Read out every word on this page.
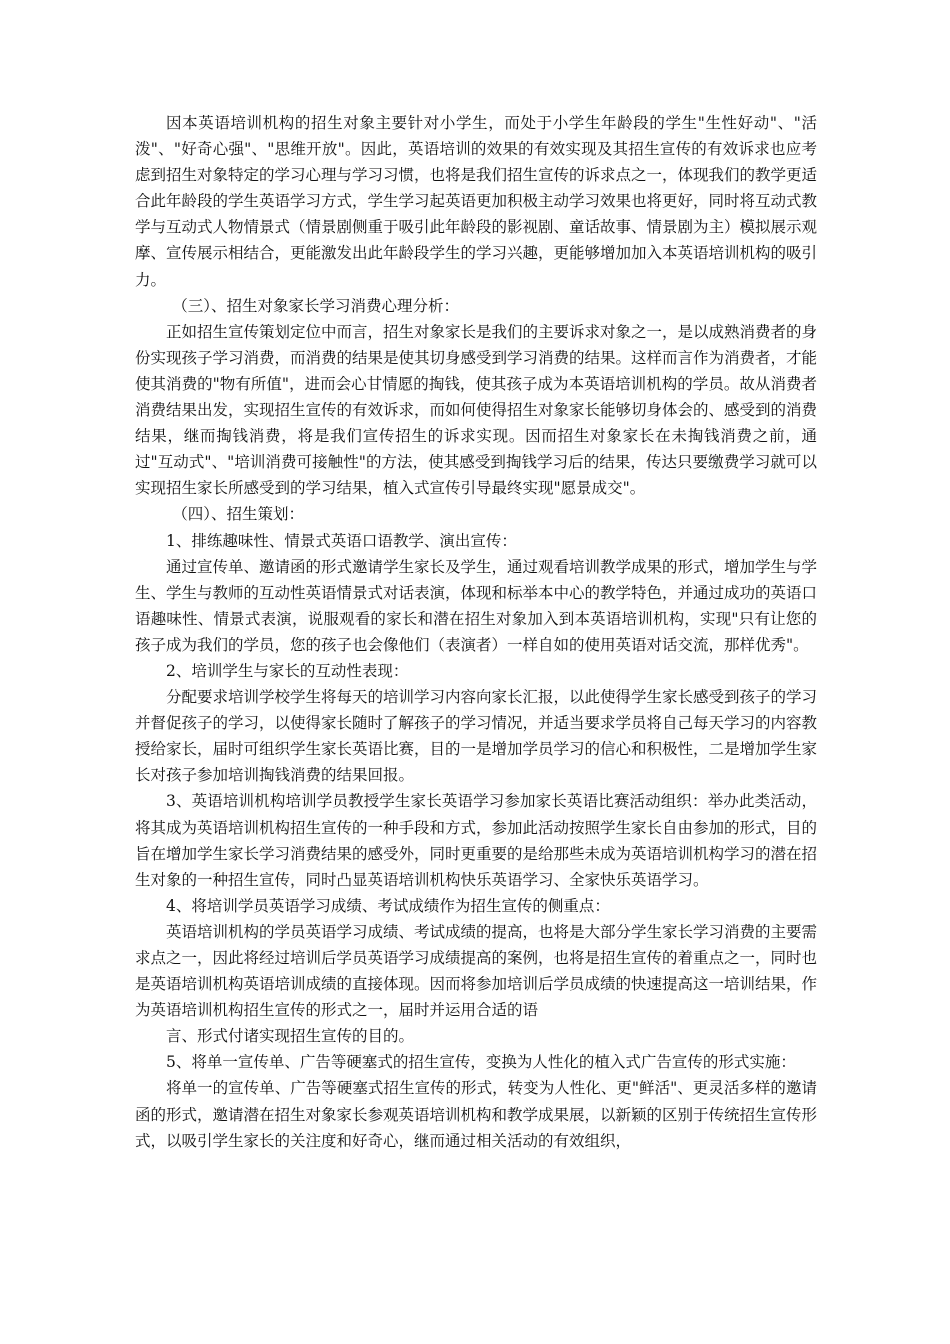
因本英语培训机构的招生对象主要针对小学生，而处于小学生年龄段的学生"生性好动"、"活泼"、"好奇心强"、"思维开放"。因此，英语培训的效果的有效实现及其招生宣传的有效诉求也应考虑到招生对象特定的学习心理与学习习惯，也将是我们招生宣传的诉求点之一，体现我们的教学更适合此年龄段的学生英语学习方式，学生学习起英语更加积极主动学习效果也将更好，同时将互动式教学与互动式人物情景式（情景剧侧重于吸引此年龄段的影视剧、童话故事、情景剧为主）模拟展示观摩、宣传展示相结合，更能激发出此年龄段学生的学习兴趣，更能够增加加入本英语培训机构的吸引力。

（三）、招生对象家长学习消费心理分析：

正如招生宣传策划定位中而言，招生对象家长是我们的主要诉求对象之一，是以成熟消费者的身份实现孩子学习消费，而消费的结果是使其切身感受到学习消费的结果。这样而言作为消费者，才能使其消费的"物有所值"，进而会心甘情愿的掏钱，使其孩子成为本英语培训机构的学员。故从消费者消费结果出发，实现招生宣传的有效诉求，而如何使得招生对象家长能够切身体会的、感受到的消费结果，继而掏钱消费，将是我们宣传招生的诉求实现。因而招生对象家长在未掏钱消费之前，通过"互动式"、"培训消费可接触性"的方法，使其感受到掏钱学习后的结果，传达只要缴费学习就可以实现招生家长所感受到的学习结果，植入式宣传引导最终实现"愿景成交"。

（四）、招生策划：

1、排练趣味性、情景式英语口语教学、演出宣传：

通过宣传单、邀请函的形式邀请学生家长及学生，通过观看培训教学成果的形式，增加学生与学生、学生与教师的互动性英语情景式对话表演，体现和标举本中心的教学特色，并通过成功的英语口语趣味性、情景式表演，说服观看的家长和潜在招生对象加入到本英语培训机构，实现"只有让您的孩子成为我们的学员，您的孩子也会像他们（表演者）一样自如的使用英语对话交流，那样优秀"。

2、培训学生与家长的互动性表现：

分配要求培训学校学生将每天的培训学习内容向家长汇报，以此使得学生家长感受到孩子的学习并督促孩子的学习，以使得家长随时了解孩子的学习情况，并适当要求学员将自己每天学习的内容教授给家长，届时可组织学生家长英语比赛，目的一是增加学员学习的信心和积极性，二是增加学生家长对孩子参加培训掏钱消费的结果回报。

3、英语培训机构培训学员教授学生家长英语学习参加家长英语比赛活动组织：举办此类活动，将其成为英语培训机构招生宣传的一种手段和方式，参加此活动按照学生家长自由参加的形式，目的旨在增加学生家长学习消费结果的感受外，同时更重要的是给那些未成为英语培训机构学习的潜在招生对象的一种招生宣传，同时凸显英语培训机构快乐英语学习、全家快乐英语学习。

4、将培训学员英语学习成绩、考试成绩作为招生宣传的侧重点：

英语培训机构的学员英语学习成绩、考试成绩的提高，也将是大部分学生家长学习消费的主要需求点之一，因此将经过培训后学员英语学习成绩提高的案例，也将是招生宣传的着重点之一，同时也是英语培训机构英语培训成绩的直接体现。因而将参加培训后学员成绩的快速提高这一培训结果，作为英语培训机构招生宣传的形式之一，届时并运用合适的语

言、形式付诸实现招生宣传的目的。

5、将单一宣传单、广告等硬塞式的招生宣传，变换为人性化的植入式广告宣传的形式实施：

将单一的宣传单、广告等硬塞式招生宣传的形式，转变为人性化、更"鲜活"、更灵活多样的邀请函的形式，邀请潜在招生对象家长参观英语培训机构和教学成果展，以新颖的区别于传统招生宣传形式，以吸引学生家长的关注度和好奇心，继而通过相关活动的有效组织，
